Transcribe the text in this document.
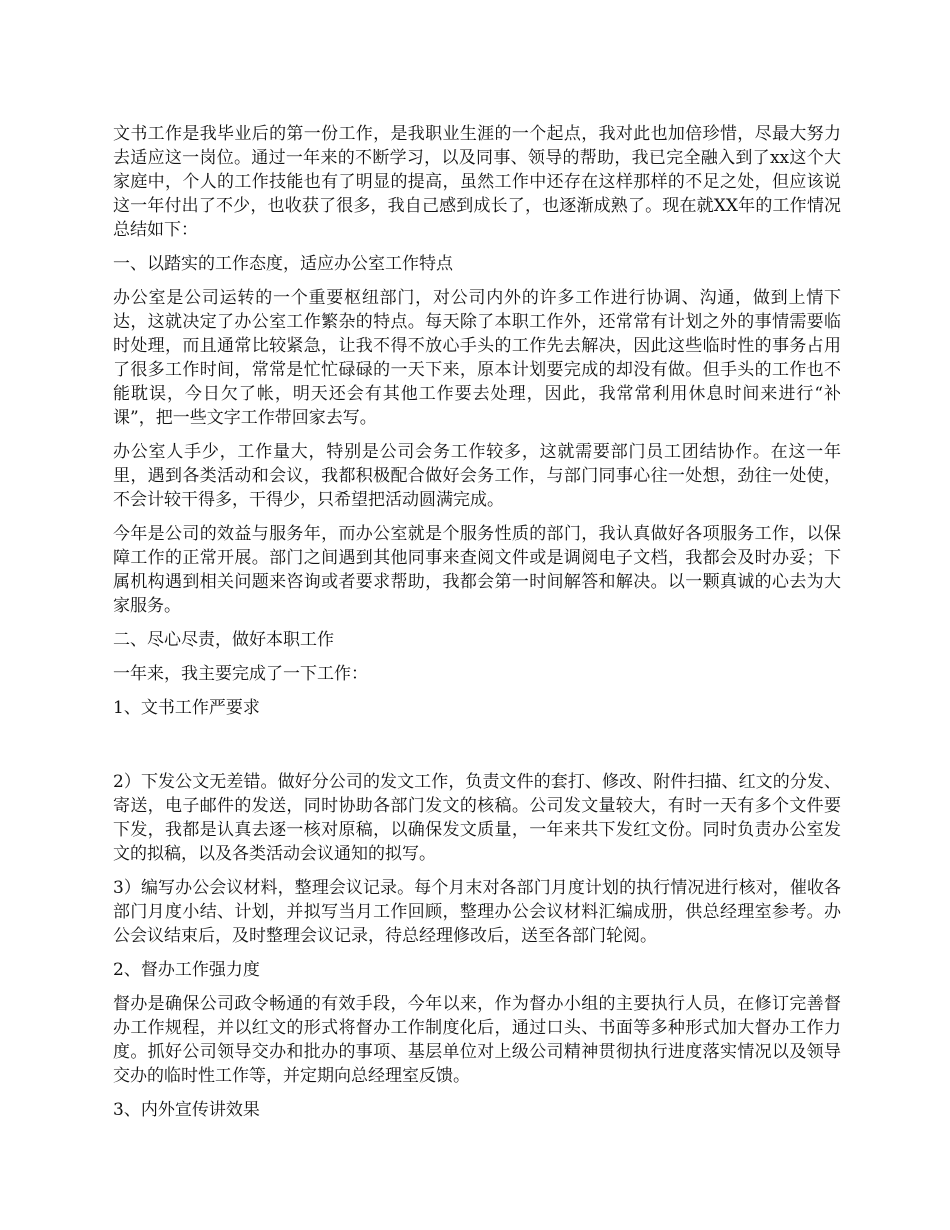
文书工作是我毕业后的第一份工作，是我职业生涯的一个起点，我对此也加倍珍惜，尽最大努力去适应这一岗位。通过一年来的不断学习，以及同事、领导的帮助，我已完全融入到了xx这个大家庭中，个人的工作技能也有了明显的提高，虽然工作中还存在这样那样的不足之处，但应该说这一年付出了不少，也收获了很多，我自己感到成长了，也逐渐成熟了。现在就XX年的工作情况总结如下：

一、以踏实的工作态度，适应办公室工作特点

办公室是公司运转的一个重要枢纽部门，对公司内外的许多工作进行协调、沟通，做到上情下达，这就决定了办公室工作繁杂的特点。每天除了本职工作外，还常常有计划之外的事情需要临时处理，而且通常比较紧急，让我不得不放心手头的工作先去解决，因此这些临时性的事务占用了很多工作时间，常常是忙忙碌碌的一天下来，原本计划要完成的却没有做。但手头的工作也不能耽误，今日欠了帐，明天还会有其他工作要去处理，因此，我常常利用休息时间来进行“补课”，把一些文字工作带回家去写。

办公室人手少，工作量大，特别是公司会务工作较多，这就需要部门员工团结协作。在这一年里，遇到各类活动和会议，我都积极配合做好会务工作，与部门同事心往一处想，劲往一处使，不会计较干得多，干得少，只希望把活动圆满完成。

今年是公司的效益与服务年，而办公室就是个服务性质的部门，我认真做好各项服务工作，以保障工作的正常开展。部门之间遇到其他同事来查阅文件或是调阅电子文档，我都会及时办妥；下属机构遇到相关问题来咨询或者要求帮助，我都会第一时间解答和解决。以一颗真诚的心去为大家服务。

二、尽心尽责，做好本职工作

一年来，我主要完成了一下工作：

1、文书工作严要求

2）下发公文无差错。做好分公司的发文工作，负责文件的套打、修改、附件扫描、红文的分发、寄送，电子邮件的发送，同时协助各部门发文的核稿。公司发文量较大，有时一天有多个文件要下发，我都是认真去逐一核对原稿，以确保发文质量，一年来共下发红文份。同时负责办公室发文的拟稿，以及各类活动会议通知的拟写。

3）编写办公会议材料，整理会议记录。每个月末对各部门月度计划的执行情况进行核对，催收各部门月度小结、计划，并拟写当月工作回顾，整理办公会议材料汇编成册，供总经理室参考。办公会议结束后，及时整理会议记录，待总经理修改后，送至各部门轮阅。

2、督办工作强力度

督办是确保公司政令畅通的有效手段，今年以来，作为督办小组的主要执行人员，在修订完善督办工作规程，并以红文的形式将督办工作制度化后，通过口头、书面等多种形式加大督办工作力度。抓好公司领导交办和批办的事项、基层单位对上级公司精神贯彻执行进度落实情况以及领导交办的临时性工作等，并定期向总经理室反馈。

3、内外宣传讲效果
